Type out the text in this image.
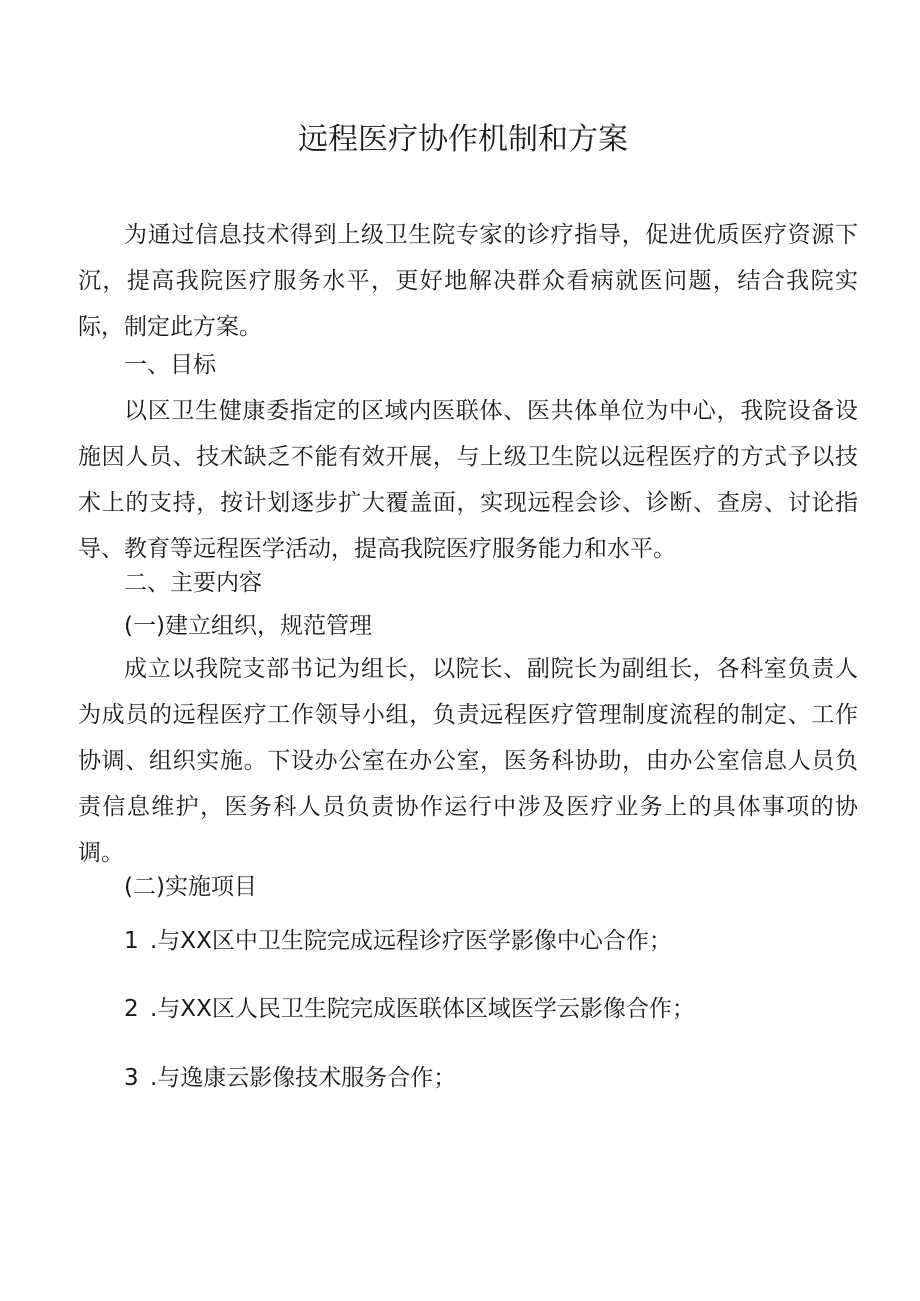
远程医疗协作机制和方案

为通过信息技术得到上级卫生院专家的诊疗指导，促进优质医疗资源下沉，提高我院医疗服务水平，更好地解决群众看病就医问题，结合我院实际，制定此方案。

一、目标

以区卫生健康委指定的区域内医联体、医共体单位为中心，我院设备设施因人员、技术缺乏不能有效开展，与上级卫生院以远程医疗的方式予以技术上的支持，按计划逐步扩大覆盖面，实现远程会诊、诊断、查房、讨论指导、教育等远程医学活动，提高我院医疗服务能力和水平。

二、主要内容

(一)建立组织，规范管理

成立以我院支部书记为组长，以院长、副院长为副组长，各科室负责人为成员的远程医疗工作领导小组，负责远程医疗管理制度流程的制定、工作协调、组织实施。下设办公室在办公室，医务科协助，由办公室信息人员负责信息维护，医务科人员负责协作运行中涉及医疗业务上的具体事项的协调。

(二)实施项目

1 .与XX区中卫生院完成远程诊疗医学影像中心合作；

2 .与XX区人民卫生院完成医联体区域医学云影像合作；

3 .与逸康云影像技术服务合作；
